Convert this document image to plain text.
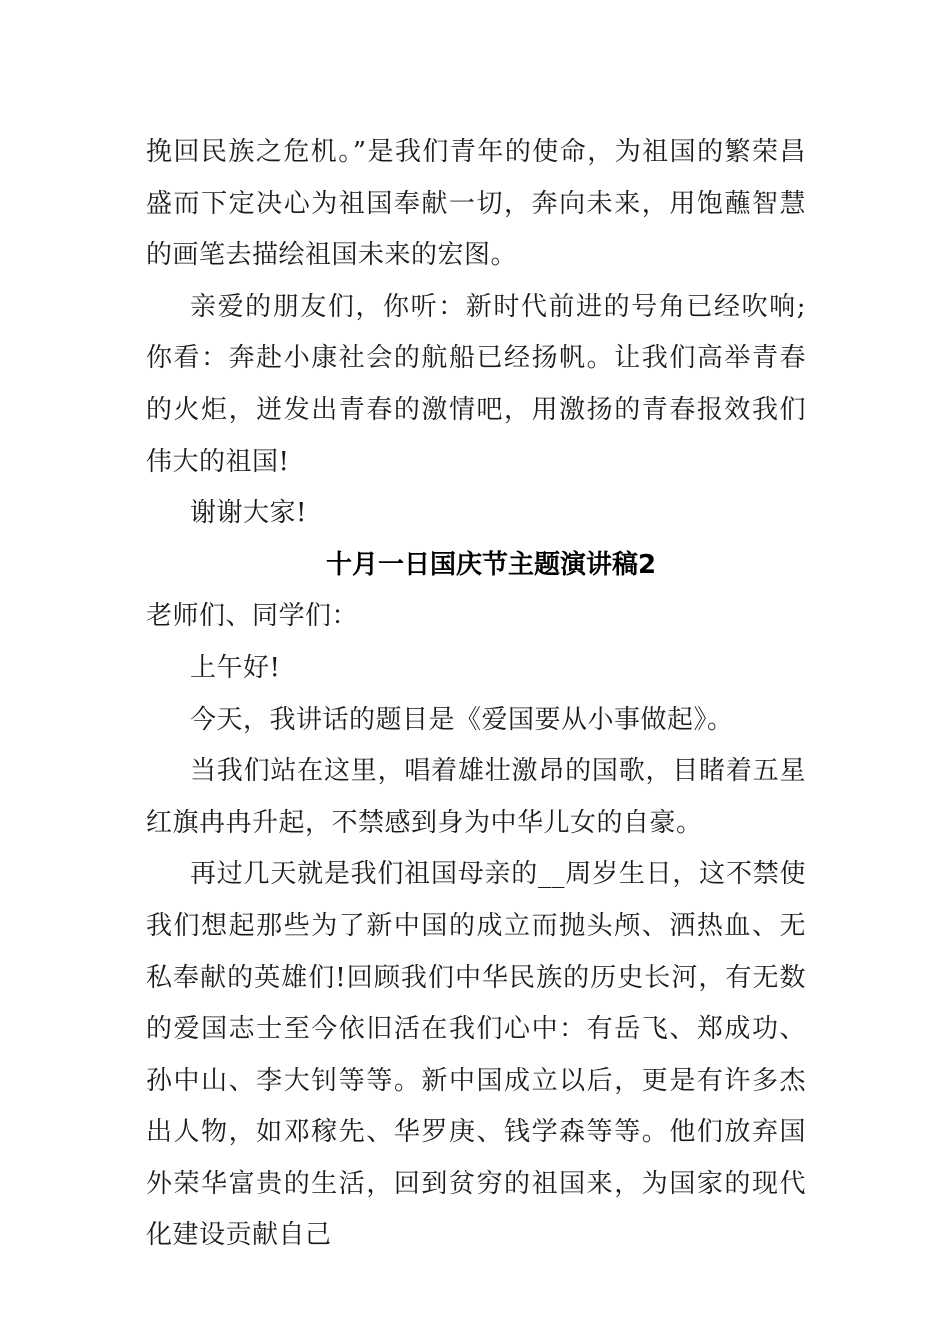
挽回民族之危机。”是我们青年的使命，为祖国的繁荣昌盛而下定决心为祖国奉献一切，奔向未来，用饱蘸智慧的画笔去描绘祖国未来的宏图。

亲爱的朋友们，你听：新时代前进的号角已经吹响;你看：奔赴小康社会的航船已经扬帆。让我们高举青春的火炬，迸发出青春的激情吧，用激扬的青春报效我们伟大的祖国!

谢谢大家!

十月一日国庆节主题演讲稿2

老师们、同学们：

上午好!

今天，我讲话的题目是《爱国要从小事做起》。

当我们站在这里，唱着雄壮激昂的国歌，目睹着五星红旗冉冉升起，不禁感到身为中华儿女的自豪。

再过几天就是我们祖国母亲的__周岁生日，这不禁使我们想起那些为了新中国的成立而抛头颅、洒热血、无私奉献的英雄们!回顾我们中华民族的历史长河，有无数的爱国志士至今依旧活在我们心中：有岳飞、郑成功、孙中山、李大钊等等。新中国成立以后，更是有许多杰出人物，如邓稼先、华罗庚、钱学森等等。他们放弃国外荣华富贵的生活，回到贫穷的祖国来，为国家的现代化建设贡献自己
